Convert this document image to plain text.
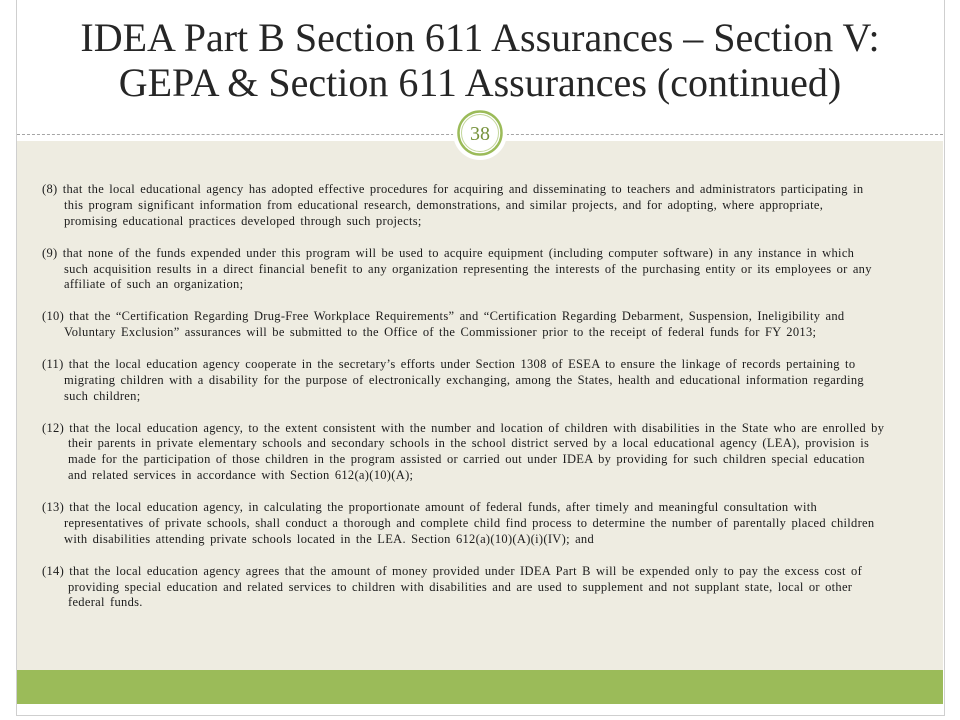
IDEA Part B Section 611 Assurances – Section V:
GEPA & Section 611 Assurances (continued)
38
(8) that the local educational agency has adopted effective procedures for acquiring and disseminating to teachers and administrators participating in
this program significant information from educational research, demonstrations, and similar projects, and for adopting, where appropriate,
promising educational practices developed through such projects;
(9) that none of the funds expended under this program will be used to acquire equipment (including computer software) in any instance in which
such acquisition results in a direct financial benefit to any organization representing the interests of the purchasing entity or its employees or any
affiliate of such an organization;
(10) that the “Certification Regarding Drug-Free Workplace Requirements” and “Certification Regarding Debarment, Suspension, Ineligibility and
Voluntary Exclusion” assurances will be submitted to the Office of the Commissioner prior to the receipt of federal funds for FY 2013;
(11) that the local education agency cooperate in the secretary’s efforts under Section 1308 of ESEA to ensure the linkage of records pertaining to
migrating children with a disability for the purpose of electronically exchanging, among the States, health and educational information regarding
such children;
(12) that the local education agency, to the extent consistent with the number and location of children with disabilities in the State who are enrolled by
their parents in private elementary schools and secondary schools in the school district served by a local educational agency (LEA), provision is
made for the participation of those children in the program assisted or carried out under IDEA by providing for such children special education
and related services in accordance with Section 612(a)(10)(A);
(13) that the local education agency, in calculating the proportionate amount of federal funds, after timely and meaningful consultation with
representatives of private schools, shall conduct a thorough and complete child find process to determine the number of parentally placed children
with disabilities attending private schools located in the LEA. Section 612(a)(10)(A)(i)(IV); and
(14) that the local education agency agrees that the amount of money provided under IDEA Part B will be expended only to pay the excess cost of
providing special education and related services to children with disabilities and are used to supplement and not supplant state, local or other
federal funds.
